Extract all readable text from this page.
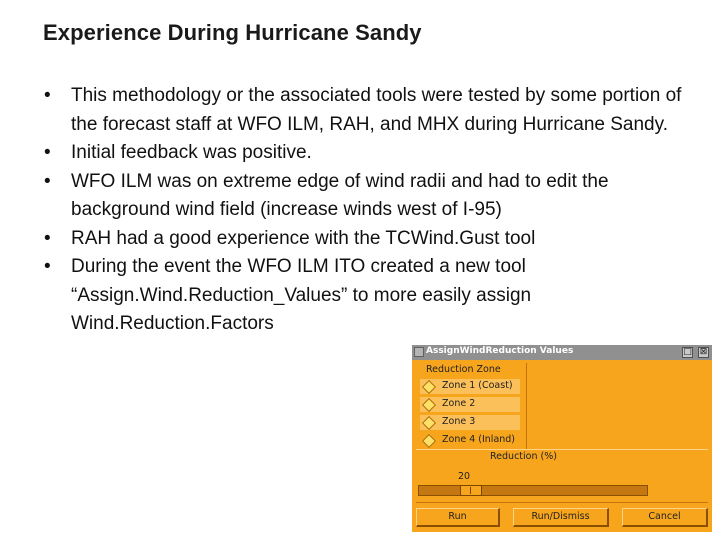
Experience During Hurricane Sandy
•	This methodology or the associated tools were tested by some portion of the forecast staff at WFO ILM, RAH, and MHX during Hurricane Sandy.
•	Initial feedback was positive.
•	WFO ILM was on extreme edge of wind radii and had to edit the background wind field (increase winds west of I-95)
•	RAH had a good experience with the TCWind.Gust tool
•	During the event the WFO ILM ITO created a new tool “Assign.Wind.Reduction_Values” to more easily assign Wind.Reduction.Factors
AssignWindReduction Values	□ ⊠
Reduction Zone
Zone 1 (Coast)
Zone 2
Zone 3
Zone 4 (Inland)
Reduction (%)
20
Run	Run/Dismiss	Cancel
